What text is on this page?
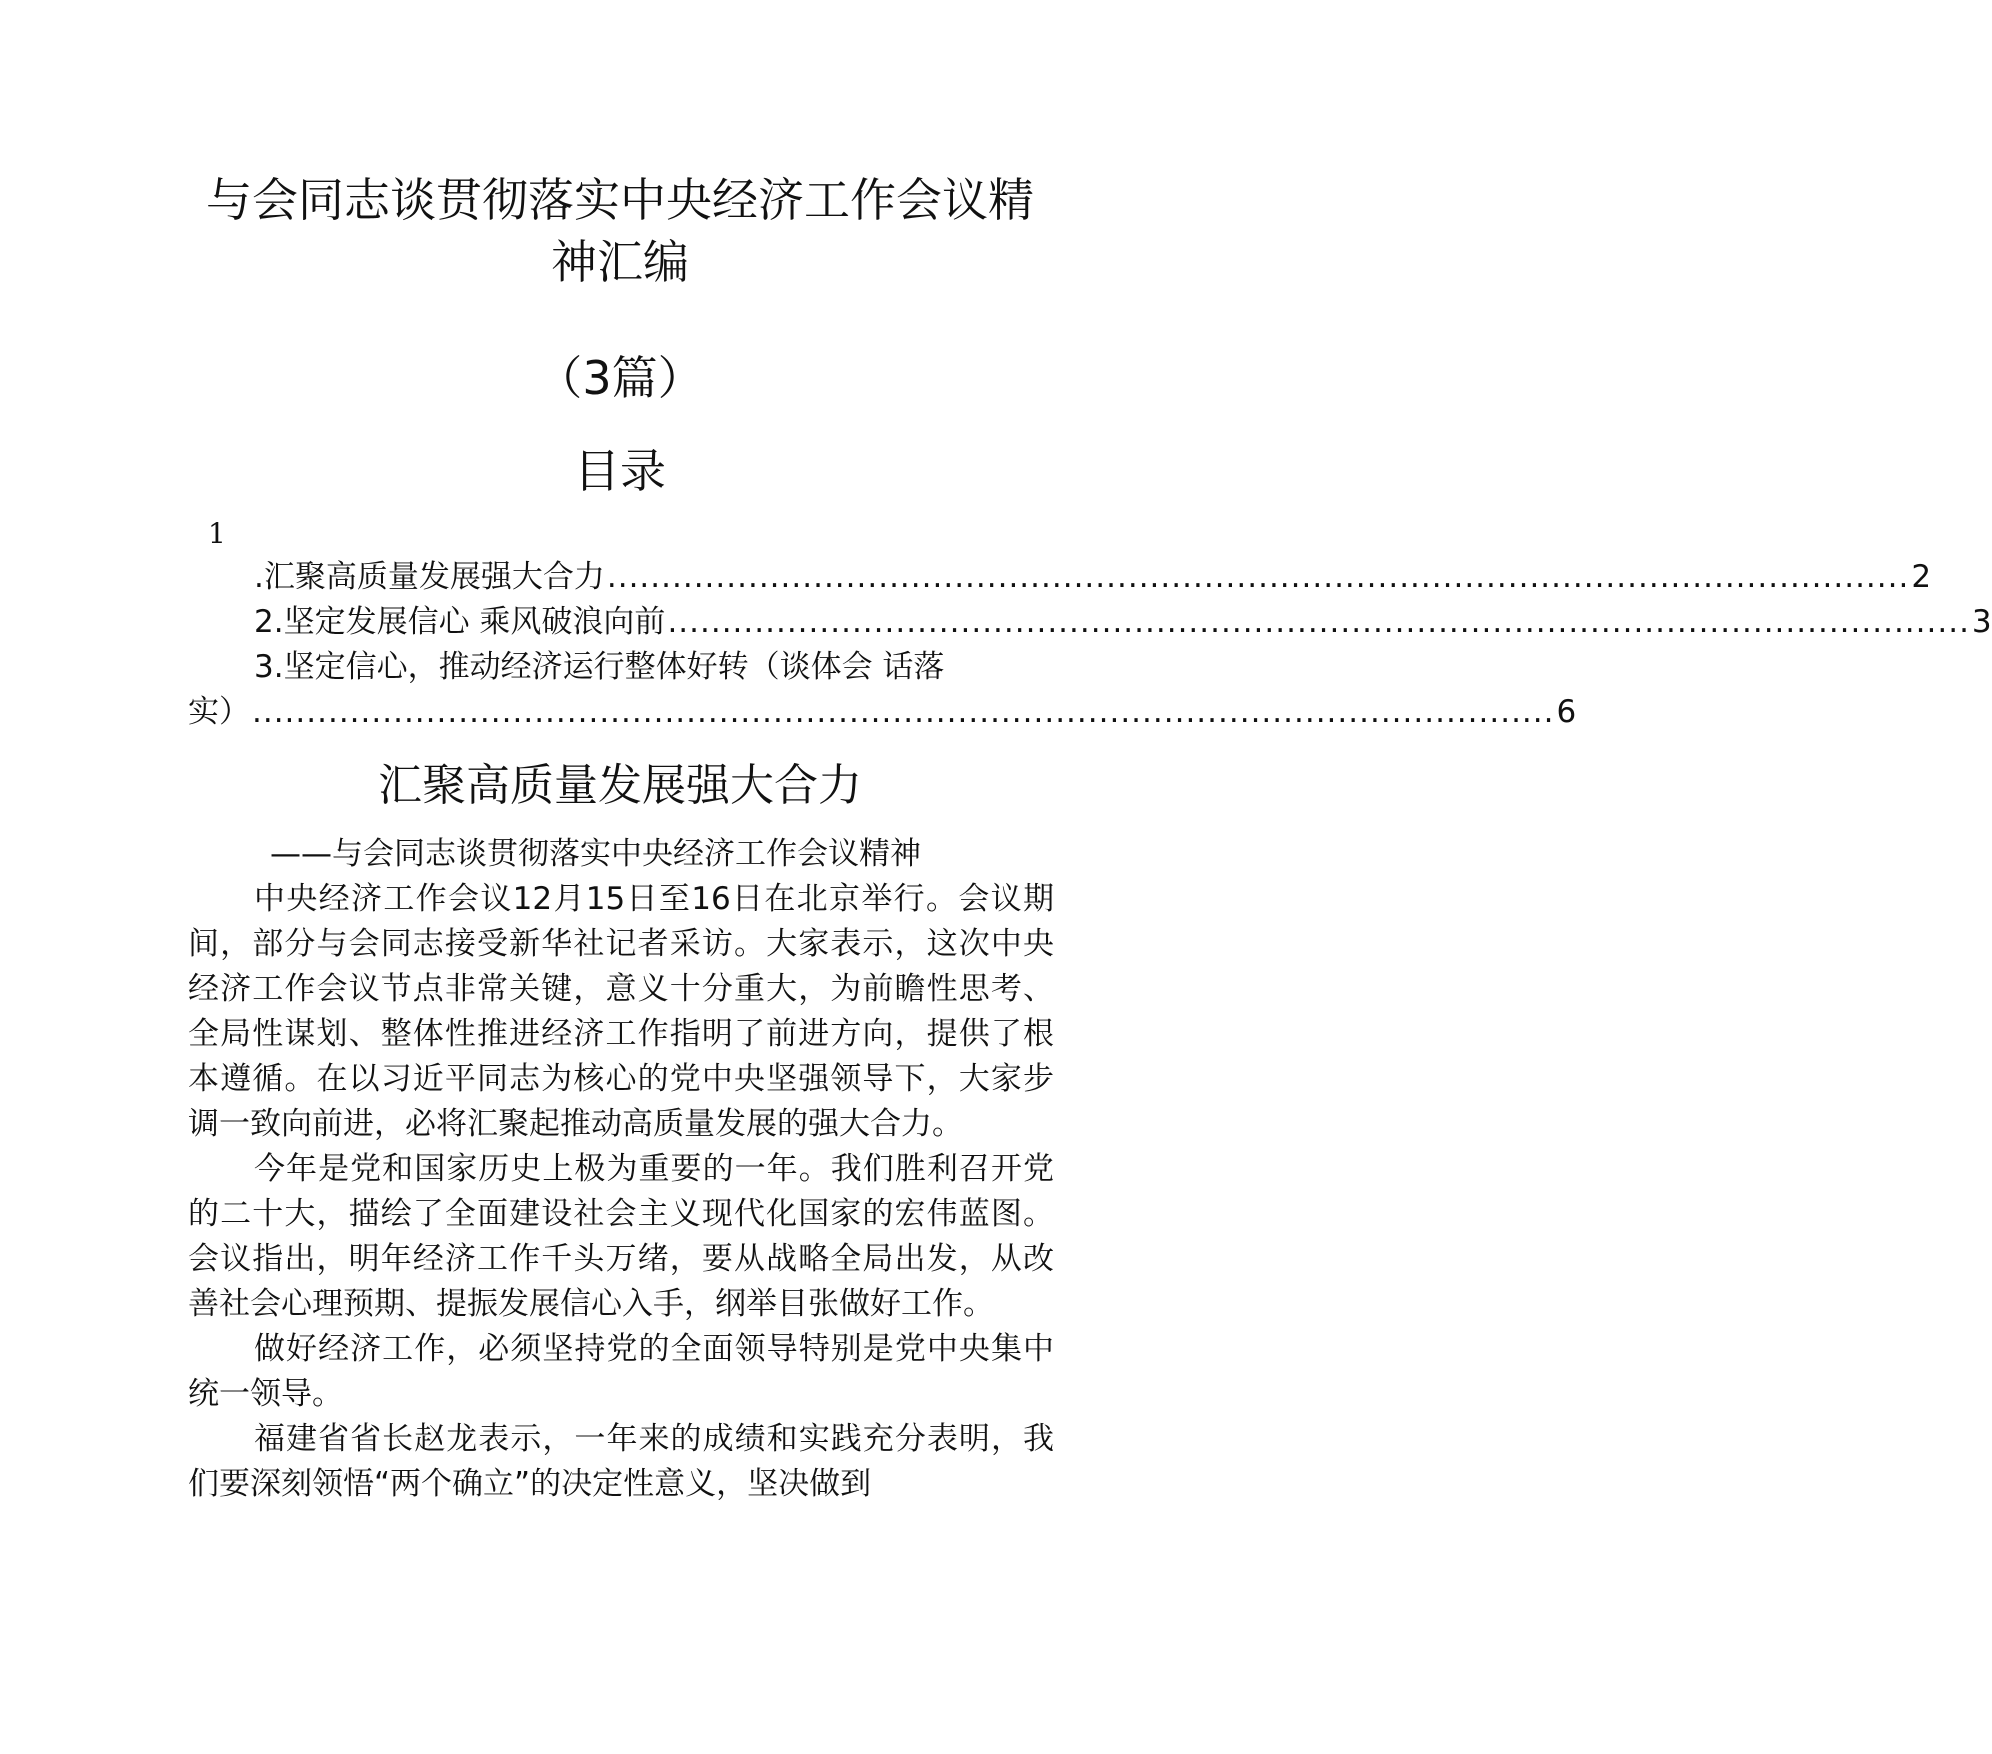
与会同志谈贯彻落实中央经济工作会议精
神汇编
（3篇）
目录
1
.汇聚高质量发展强大合力 ........................................................................................................................ 2
2.坚定发展信心 乘风破浪向前 ........................................................................................................................ 3
3.坚定信心，推动经济运行整体好转（谈体会 话落
实） ........................................................................................................................ 6
汇聚高质量发展强大合力
——与会同志谈贯彻落实中央经济工作会议精神

中央经济工作会议12月15日至16日在北京举行。会议期间，部分与会同志接受新华社记者采访。大家表示，这次中央经济工作会议节点非常关键，意义十分重大，为前瞻性思考、全局性谋划、整体性推进经济工作指明了前进方向，提供了根本遵循。在以习近平同志为核心的党中央坚强领导下，大家步调一致向前进，必将汇聚起推动高质量发展的强大合力。

今年是党和国家历史上极为重要的一年。我们胜利召开党的二十大，描绘了全面建设社会主义现代化国家的宏伟蓝图。会议指出，明年经济工作千头万绪，要从战略全局出发，从改善社会心理预期、提振发展信心入手，纲举目张做好工作。

做好经济工作，必须坚持党的全面领导特别是党中央集中统一领导。

福建省省长赵龙表示，一年来的成绩和实践充分表明，我们要深刻领悟“两个确立”的决定性意义，坚决做到
